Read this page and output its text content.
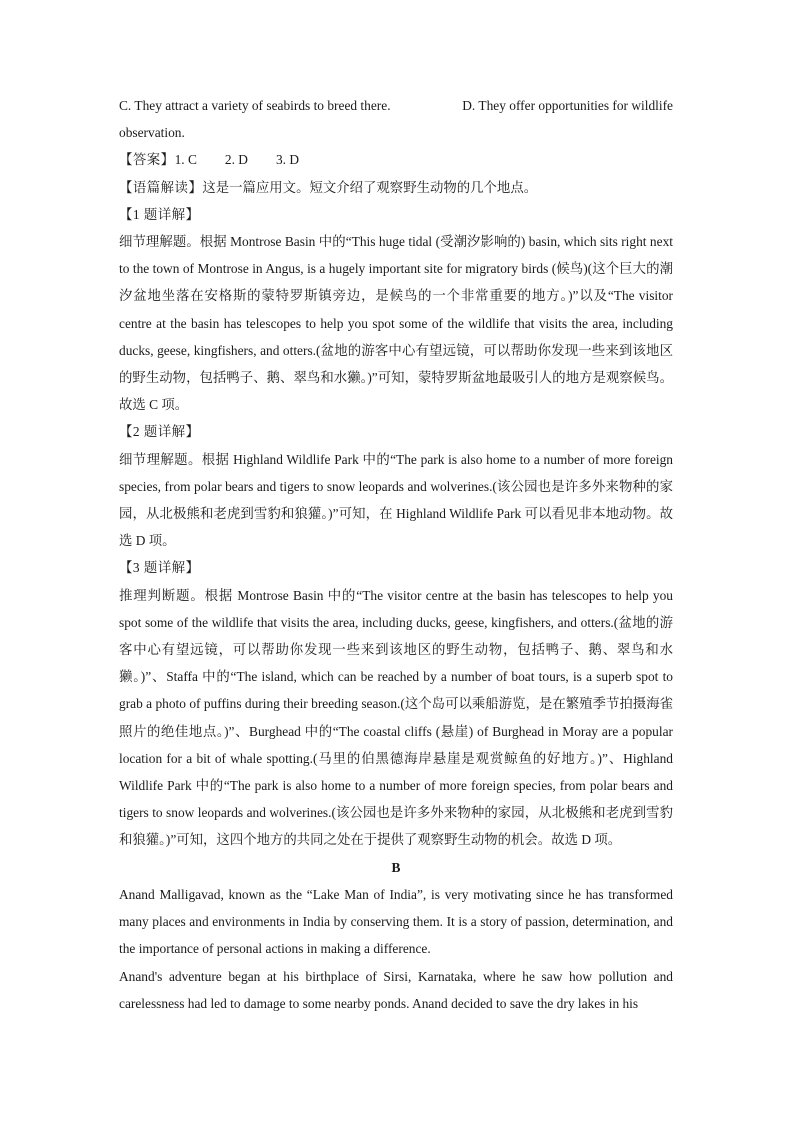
C. They attract a variety of seabirds to breed there.	D. They offer opportunities for wildlife

observation.

【答案】1. C 2. D 3. D

【语篇解读】这是一篇应用文。短文介绍了观察野生动物的几个地点。

【1 题详解】

细节理解题。根据 Montrose Basin 中的“This huge tidal (受潮汐影响的) basin, which sits right next to the town of Montrose in Angus, is a hugely important site for migratory birds (候鸟)(这个巨大的潮汐盆地坐落在安格斯的蒙特罗斯镇旁边，是候鸟的一个非常重要的地方。)”以及“The visitor centre at the basin has telescopes to help you spot some of the wildlife that visits the area, including ducks, geese, kingfishers, and otters.(盆地的游客中心有望远镜，可以帮助你发现一些来到该地区的野生动物，包括鸭子、鹅、翠鸟和水獭。)”可知，蒙特罗斯盆地最吸引人的地方是观察候鸟。故选 C 项。

【2 题详解】

细节理解题。根据 Highland Wildlife Park 中的“The park is also home to a number of more foreign species, from polar bears and tigers to snow leopards and wolverines.(该公园也是许多外来物种的家园，从北极熊和老虎到雪豹和狼獾。)”可知，在 Highland Wildlife Park 可以看见非本地动物。故选 D 项。

【3 题详解】

推理判断题。根据 Montrose Basin 中的“The visitor centre at the basin has telescopes to help you spot some of the wildlife that visits the area, including ducks, geese, kingfishers, and otters.(盆地的游客中心有望远镜，可以帮助你发现一些来到该地区的野生动物，包括鸭子、鹅、翠鸟和水獭。)”、Staffa 中的“The island, which can be reached by a number of boat tours, is a superb spot to grab a photo of puffins during their breeding season.(这个岛可以乘船游览，是在繁殖季节拍摄海雀照片的绝佳地点。)”、Burghead 中的“The coastal cliffs (悬崖) of Burghead in Moray are a popular location for a bit of whale spotting.(马里的伯黑德海岸悬崖是观赏鲸鱼的好地方。)”、Highland Wildlife Park 中的“The park is also home to a number of more foreign species, from polar bears and tigers to snow leopards and wolverines.(该公园也是许多外来物种的家园，从北极熊和老虎到雪豹和狼獾。)”可知，这四个地方的共同之处在于提供了观察野生动物的机会。故选 D 项。

B

Anand Malligavad, known as the “Lake Man of India”, is very motivating since he has transformed many places and environments in India by conserving them. It is a story of passion, determination, and the importance of personal actions in making a difference.

Anand's adventure began at his birthplace of Sirsi, Karnataka, where he saw how pollution and carelessness had led to damage to some nearby ponds. Anand decided to save the dry lakes in his
